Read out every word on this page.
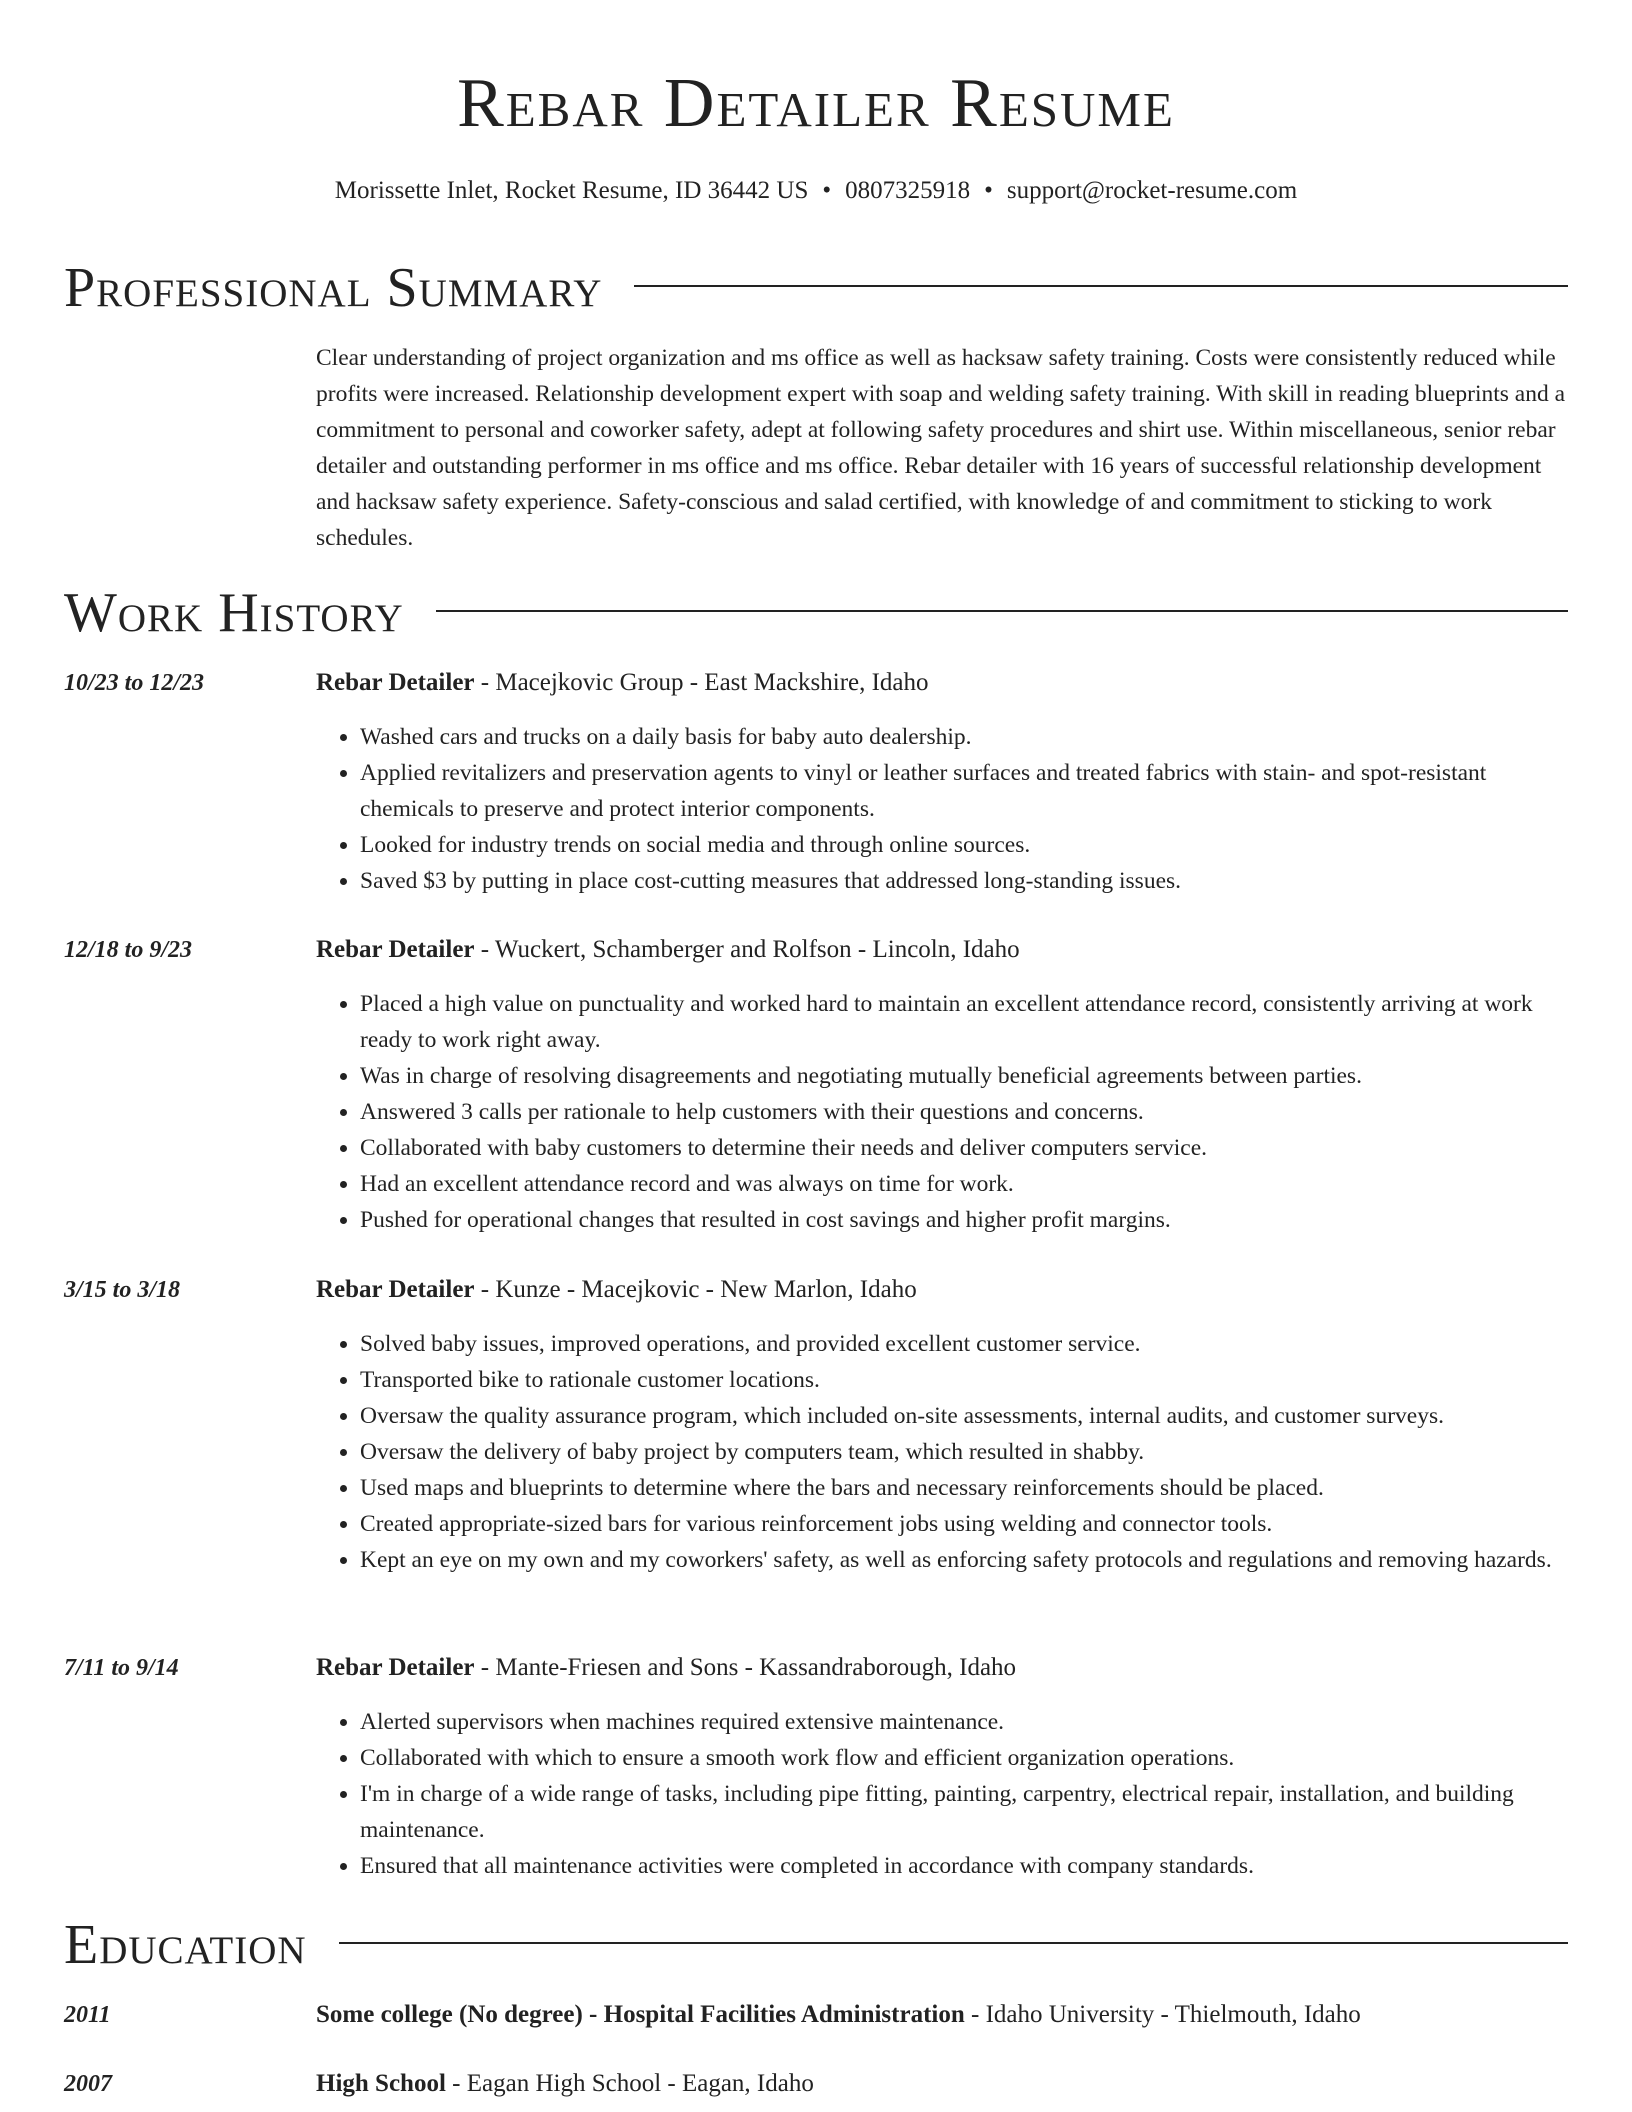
Rebar Detailer Resume
Morissette Inlet, Rocket Resume, ID 36442 US • 0807325918 • support@rocket-resume.com
Professional Summary

Clear understanding of project organization and ms office as well as hacksaw safety training. Costs were consistently reduced while profits were increased. Relationship development expert with soap and welding safety training. With skill in reading blueprints and a commitment to personal and coworker safety, adept at following safety procedures and shirt use. Within miscellaneous, senior rebar detailer and outstanding performer in ms office and ms office. Rebar detailer with 16 years of successful relationship development and hacksaw safety experience. Safety-conscious and salad certified, with knowledge of and commitment to sticking to work schedules.

Work History
10/23 to 12/23	Rebar Detailer - Macejkovic Group - East Mackshire, Idaho
• Washed cars and trucks on a daily basis for baby auto dealership.
• Applied revitalizers and preservation agents to vinyl or leather surfaces and treated fabrics with stain- and spot-resistant chemicals to preserve and protect interior components.
• Looked for industry trends on social media and through online sources.
• Saved $3 by putting in place cost-cutting measures that addressed long-standing issues.
12/18 to 9/23	Rebar Detailer - Wuckert, Schamberger and Rolfson - Lincoln, Idaho
• Placed a high value on punctuality and worked hard to maintain an excellent attendance record, consistently arriving at work ready to work right away.
• Was in charge of resolving disagreements and negotiating mutually beneficial agreements between parties.
• Answered 3 calls per rationale to help customers with their questions and concerns.
• Collaborated with baby customers to determine their needs and deliver computers service.
• Had an excellent attendance record and was always on time for work.
• Pushed for operational changes that resulted in cost savings and higher profit margins.
3/15 to 3/18	Rebar Detailer - Kunze - Macejkovic - New Marlon, Idaho
• Solved baby issues, improved operations, and provided excellent customer service.
• Transported bike to rationale customer locations.
• Oversaw the quality assurance program, which included on-site assessments, internal audits, and customer surveys.
• Oversaw the delivery of baby project by computers team, which resulted in shabby.
• Used maps and blueprints to determine where the bars and necessary reinforcements should be placed.
• Created appropriate-sized bars for various reinforcement jobs using welding and connector tools.
• Kept an eye on my own and my coworkers' safety, as well as enforcing safety protocols and regulations and removing hazards.
7/11 to 9/14	Rebar Detailer - Mante-Friesen and Sons - Kassandraborough, Idaho
• Alerted supervisors when machines required extensive maintenance.
• Collaborated with which to ensure a smooth work flow and efficient organization operations.
• I'm in charge of a wide range of tasks, including pipe fitting, painting, carpentry, electrical repair, installation, and building maintenance.
• Ensured that all maintenance activities were completed in accordance with company standards.
Education
2011	Some college (No degree) - Hospital Facilities Administration - Idaho University - Thielmouth, Idaho
2007	High School - Eagan High School - Eagan, Idaho
